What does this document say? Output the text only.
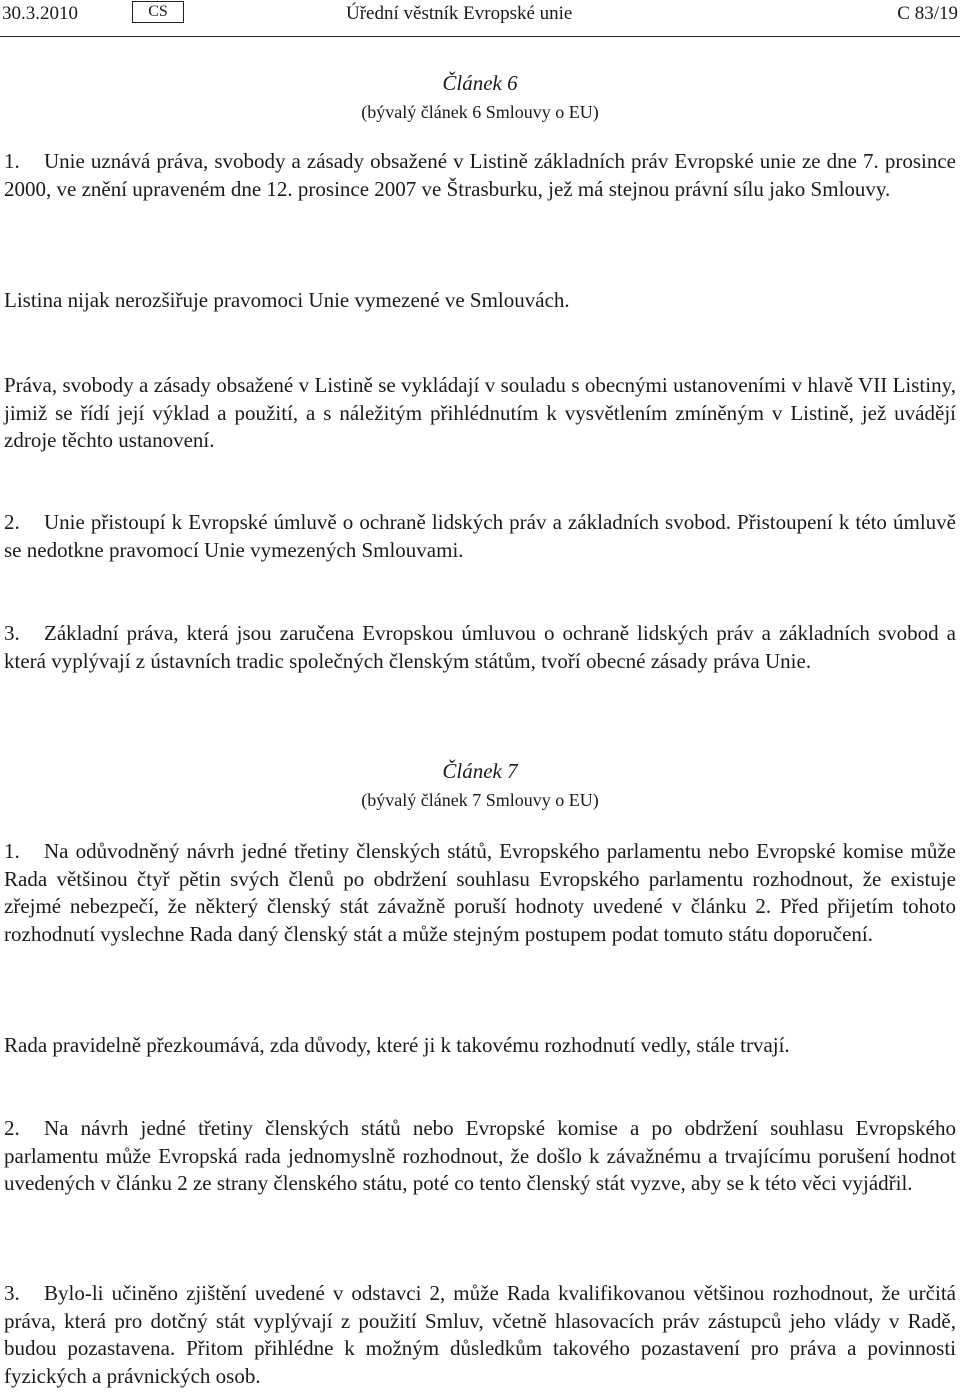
30.3.2010	CS	Úřední věstník Evropské unie	C 83/19
Článek 6
(bývalý článek 6 Smlouvy o EU)
1. Unie uznává práva, svobody a zásady obsažené v Listině základních práv Evropské unie ze dne 7. prosince 2000, ve znění upraveném dne 12. prosince 2007 ve Štrasburku, jež má stejnou právní sílu jako Smlouvy.
Listina nijak nerozšiřuje pravomoci Unie vymezené ve Smlouvách.
Práva, svobody a zásady obsažené v Listině se vykládají v souladu s obecnými ustanoveními v hlavě VII Listiny, jimiž se řídí její výklad a použití, a s náležitým přihlédnutím k vysvětlením zmíněným v Listině, jež uvádějí zdroje těchto ustanovení.
2. Unie přistoupí k Evropské úmluvě o ochraně lidských práv a základních svobod. Přistoupení k této úmluvě se nedotkne pravomocí Unie vymezených Smlouvami.
3. Základní práva, která jsou zaručena Evropskou úmluvou o ochraně lidských práv a základních svobod a která vyplývají z ústavních tradic společných členským státům, tvoří obecné zásady práva Unie.
Článek 7
(bývalý článek 7 Smlouvy o EU)
1. Na odůvodněný návrh jedné třetiny členských států, Evropského parlamentu nebo Evropské komise může Rada většinou čtyř pětin svých členů po obdržení souhlasu Evropského parlamentu rozhodnout, že existuje zřejmé nebezpečí, že některý členský stát závažně poruší hodnoty uvedené v článku 2. Před přijetím tohoto rozhodnutí vyslechne Rada daný členský stát a může stejným postupem podat tomuto státu doporučení.
Rada pravidelně přezkoumává, zda důvody, které ji k takovému rozhodnutí vedly, stále trvají.
2. Na návrh jedné třetiny členských států nebo Evropské komise a po obdržení souhlasu Evropského parlamentu může Evropská rada jednomyslně rozhodnout, že došlo k závažnému a trvajícímu porušení hodnot uvedených v článku 2 ze strany členského státu, poté co tento členský stát vyzve, aby se k této věci vyjádřil.
3. Bylo-li učiněno zjištění uvedené v odstavci 2, může Rada kvalifikovanou většinou rozhodnout, že určitá práva, která pro dotčný stát vyplývají z použití Smluv, včetně hlasovacích práv zástupců jeho vlády v Radě, budou pozastavena. Přitom přihlédne k možným důsledkům takového pozastavení pro práva a povinnosti fyzických a právnických osob.
